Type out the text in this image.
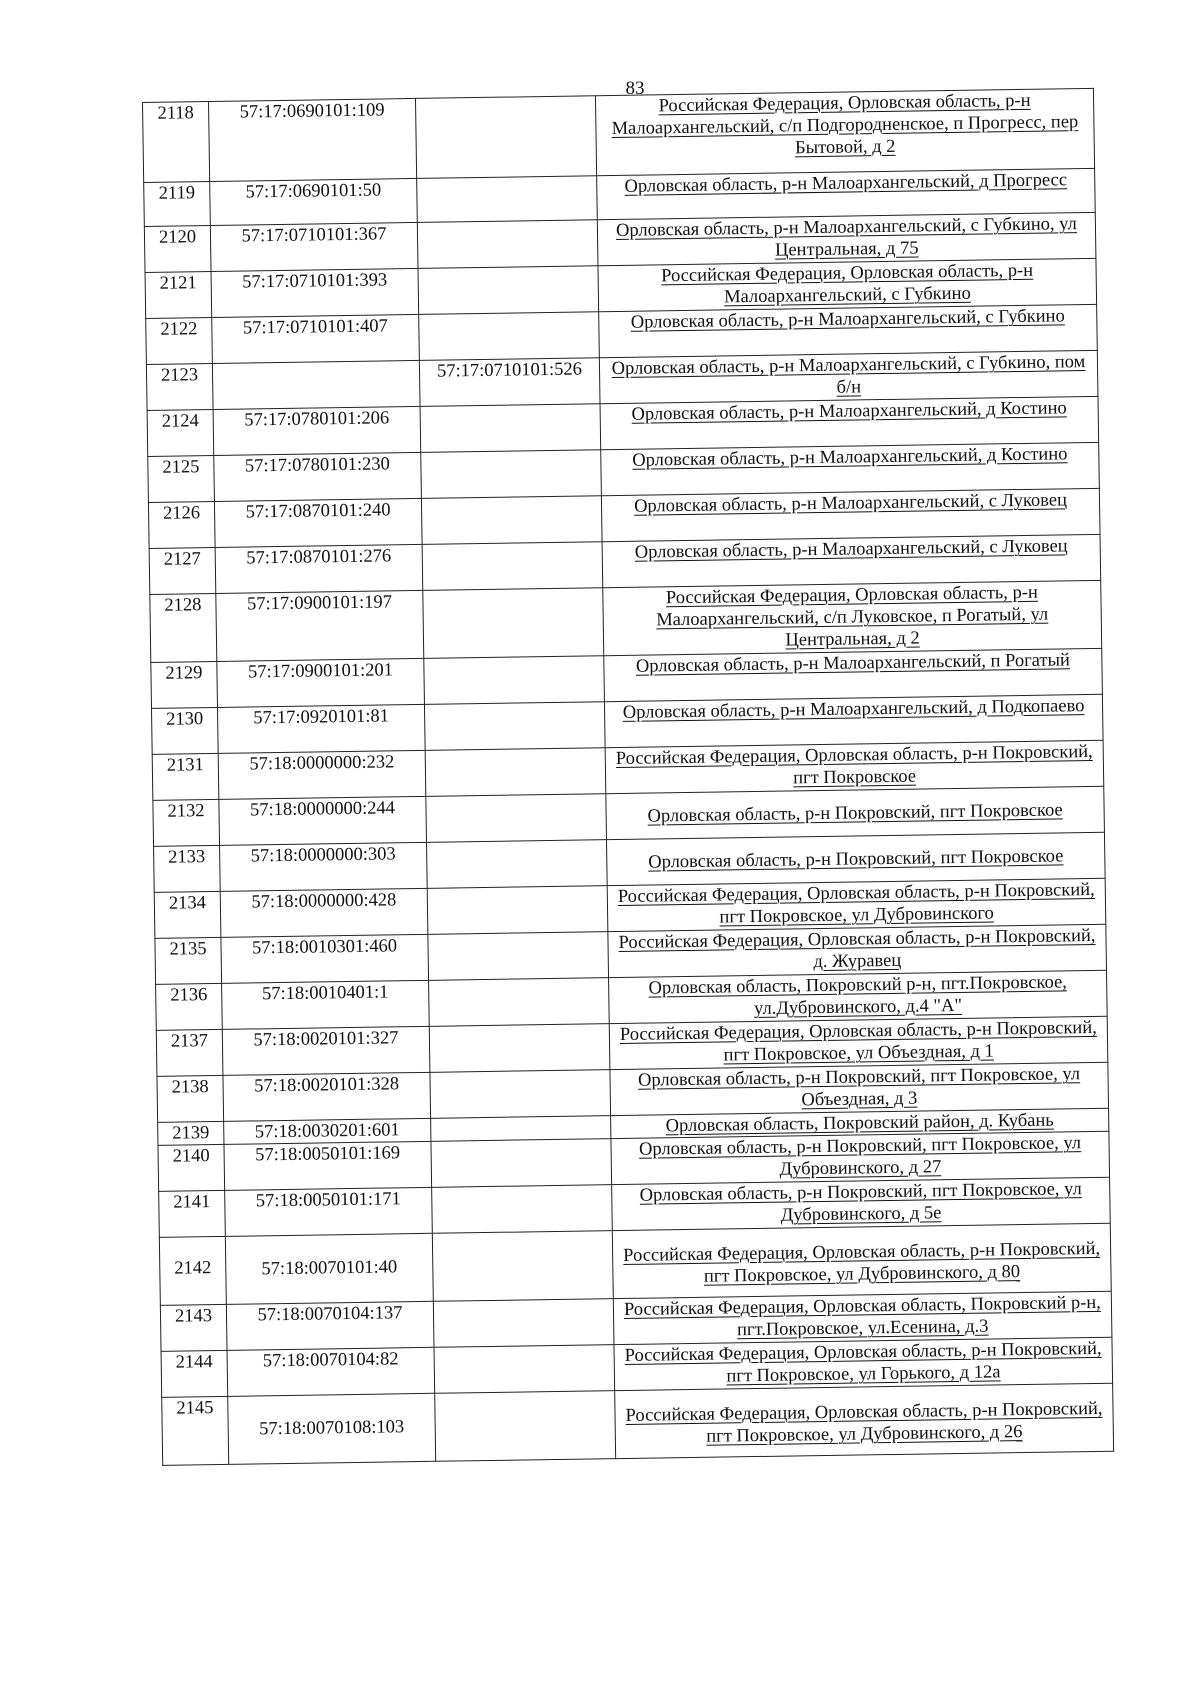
83
2118	57:17:0690101:109		Российская Федерация, Орловская область, р-н Малоархангельский, с/п Подгородненское, п Прогресс, пер Бытовой, д 2
2119	57:17:0690101:50		Орловская область, р-н Малоархангельский, д Прогресс
2120	57:17:0710101:367		Орловская область, р-н Малоархангельский, с Губкино, ул Центральная, д 75
2121	57:17:0710101:393		Российская Федерация, Орловская область, р-н Малоархангельский, с Губкино
2122	57:17:0710101:407		Орловская область, р-н Малоархангельский, с Губкино
2123		57:17:0710101:526	Орловская область, р-н Малоархангельский, с Губкино, пом б/н
2124	57:17:0780101:206		Орловская область, р-н Малоархангельский, д Костино
2125	57:17:0780101:230		Орловская область, р-н Малоархангельский, д Костино
2126	57:17:0870101:240		Орловская область, р-н Малоархангельский, с Луковец
2127	57:17:0870101:276		Орловская область, р-н Малоархангельский, с Луковец
2128	57:17:0900101:197		Российская Федерация, Орловская область, р-н Малоархангельский, с/п Луковское, п Рогатый, ул Центральная, д 2
2129	57:17:0900101:201		Орловская область, р-н Малоархангельский, п Рогатый
2130	57:17:0920101:81		Орловская область, р-н Малоархангельский, д Подкопаево
2131	57:18:0000000:232		Российская Федерация, Орловская область, р-н Покровский, пгт Покровское
2132	57:18:0000000:244		Орловская область, р-н Покровский, пгт Покровское
2133	57:18:0000000:303		Орловская область, р-н Покровский, пгт Покровское
2134	57:18:0000000:428		Российская Федерация, Орловская область, р-н Покровский, пгт Покровское, ул Дубровинского
2135	57:18:0010301:460		Российская Федерация, Орловская область, р-н Покровский, д. Журавец
2136	57:18:0010401:1		Орловская область, Покровский р-н, пгт.Покровское, ул.Дубровинского, д.4 "А"
2137	57:18:0020101:327		Российская Федерация, Орловская область, р-н Покровский, пгт Покровское, ул Объездная, д 1
2138	57:18:0020101:328		Орловская область, р-н Покровский, пгт Покровское, ул Объездная, д 3
2139	57:18:0030201:601		Орловская область, Покровский район, д. Кубань
2140	57:18:0050101:169		Орловская область, р-н Покровский, пгт Покровское, ул Дубровинского, д 27
2141	57:18:0050101:171		Орловская область, р-н Покровский, пгт Покровское, ул Дубровинского, д 5е
2142	57:18:0070101:40		Российская Федерация, Орловская область, р-н Покровский, пгт Покровское, ул Дубровинского, д 80
2143	57:18:0070104:137		Российская Федерация, Орловская область, Покровский р-н, пгт.Покровское, ул.Есенина, д.3
2144	57:18:0070104:82		Российская Федерация, Орловская область, р-н Покровский, пгт Покровское, ул Горького, д 12а
2145	57:18:0070108:103		Российская Федерация, Орловская область, р-н Покровский, пгт Покровское, ул Дубровинского, д 26
